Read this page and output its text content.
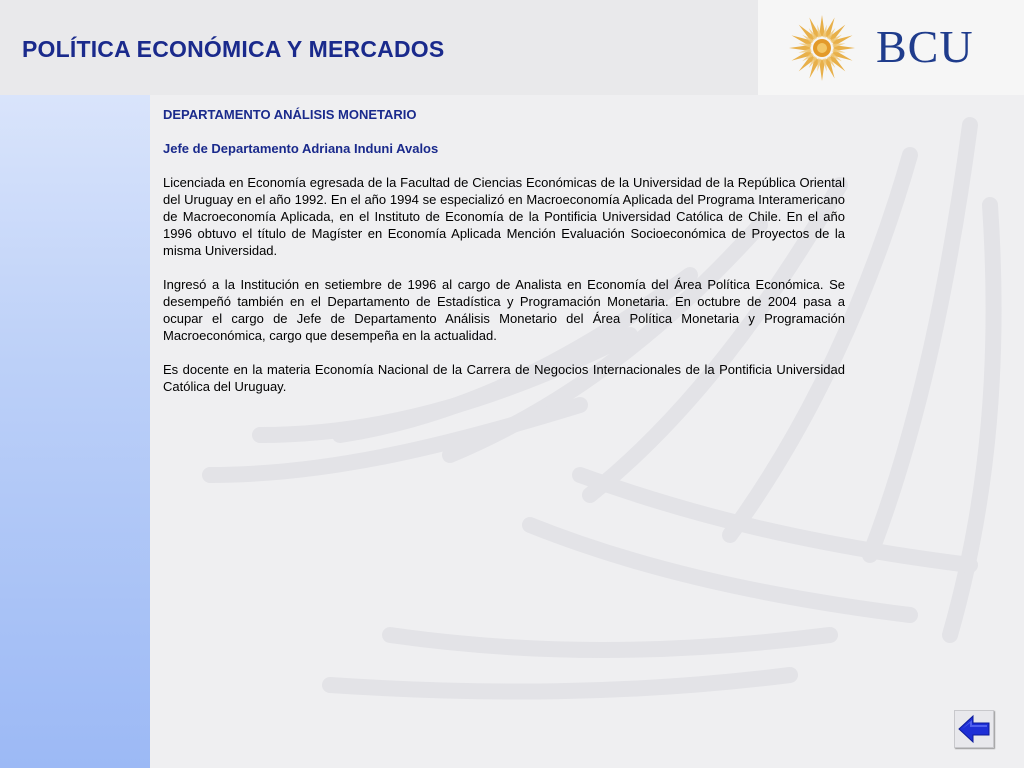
POLÍTICA ECONÓMICA Y MERCADOS	BCU

DEPARTAMENTO ANÁLISIS MONETARIO

Jefe de Departamento Adriana Induni Avalos

Licenciada en Economía egresada de la Facultad de Ciencias Económicas de la Universidad de la República Oriental del Uruguay en el año 1992. En el año 1994 se especializó en Macroeconomía Aplicada del Programa Interamericano de Macroeconomía Aplicada, en el Instituto de Economía de la Pontificia Universidad Católica de Chile. En el año 1996 obtuvo el título de Magíster en Economía Aplicada Mención Evaluación Socioeconómica de Proyectos de la misma Universidad.

Ingresó a la Institución en setiembre de 1996 al cargo de Analista en Economía del Área Política Económica. Se desempeñó también en el Departamento de Estadística y Programación Monetaria. En octubre de 2004 pasa a ocupar el cargo de Jefe de Departamento Análisis Monetario del Área Política Monetaria y Programación Macroeconómica, cargo que desempeña en la actualidad.

Es docente en la materia Economía Nacional de la Carrera de Negocios Internacionales de la Pontificia Universidad Católica del Uruguay.
